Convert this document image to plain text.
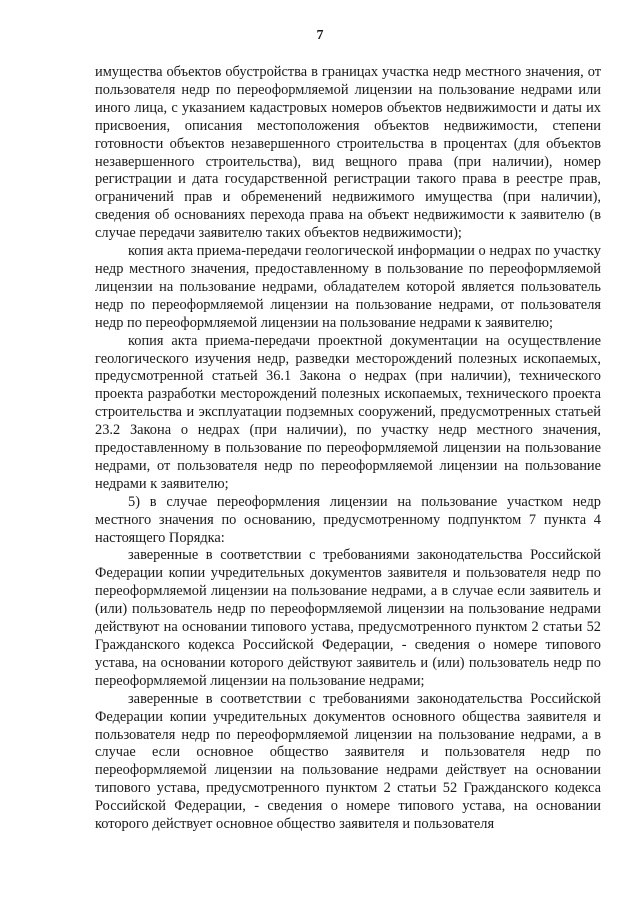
7

имущества объектов обустройства в границах участка недр местного значения, от пользователя недр по переоформляемой лицензии на пользование недрами или иного лица, с указанием кадастровых номеров объектов недвижимости и даты их присвоения, описания местоположения объектов недвижимости, степени готовности объектов незавершенного строительства в процентах (для объектов незавершенного строительства), вид вещного права (при наличии), номер регистрации и дата государственной регистрации такого права в реестре прав, ограничений прав и обременений недвижимого имущества (при наличии), сведения об основаниях перехода права на объект недвижимости к заявителю (в случае передачи заявителю таких объектов недвижимости);

копия акта приема-передачи геологической информации о недрах по участку недр местного значения, предоставленному в пользование по переоформляемой лицензии на пользование недрами, обладателем которой является пользователь недр по переоформляемой лицензии на пользование недрами, от пользователя недр по переоформляемой лицензии на пользование недрами к заявителю;

копия акта приема-передачи проектной документации на осуществление геологического изучения недр, разведки месторождений полезных ископаемых, предусмотренной статьей 36.1 Закона о недрах (при наличии), технического проекта разработки месторождений полезных ископаемых, технического проекта строительства и эксплуатации подземных сооружений, предусмотренных статьей 23.2 Закона о недрах (при наличии), по участку недр местного значения, предоставленному в пользование по переоформляемой лицензии на пользование недрами, от пользователя недр по переоформляемой лицензии на пользование недрами к заявителю;

5) в случае переоформления лицензии на пользование участком недр местного значения по основанию, предусмотренному подпунктом 7 пункта 4 настоящего Порядка:

заверенные в соответствии с требованиями законодательства Российской Федерации копии учредительных документов заявителя и пользователя недр по переоформляемой лицензии на пользование недрами, а в случае если заявитель и (или) пользователь недр по переоформляемой лицензии на пользование недрами действуют на основании типового устава, предусмотренного пунктом 2 статьи 52 Гражданского кодекса Российской Федерации, - сведения о номере типового устава, на основании которого действуют заявитель и (или) пользователь недр по переоформляемой лицензии на пользование недрами;

заверенные в соответствии с требованиями законодательства Российской Федерации копии учредительных документов основного общества заявителя и пользователя недр по переоформляемой лицензии на пользование недрами, а в случае если основное общество заявителя и пользователя недр по переоформляемой лицензии на пользование недрами действует на основании типового устава, предусмотренного пунктом 2 статьи 52 Гражданского кодекса Российской Федерации, - сведения о номере типового устава, на основании которого действует основное общество заявителя и пользователя
